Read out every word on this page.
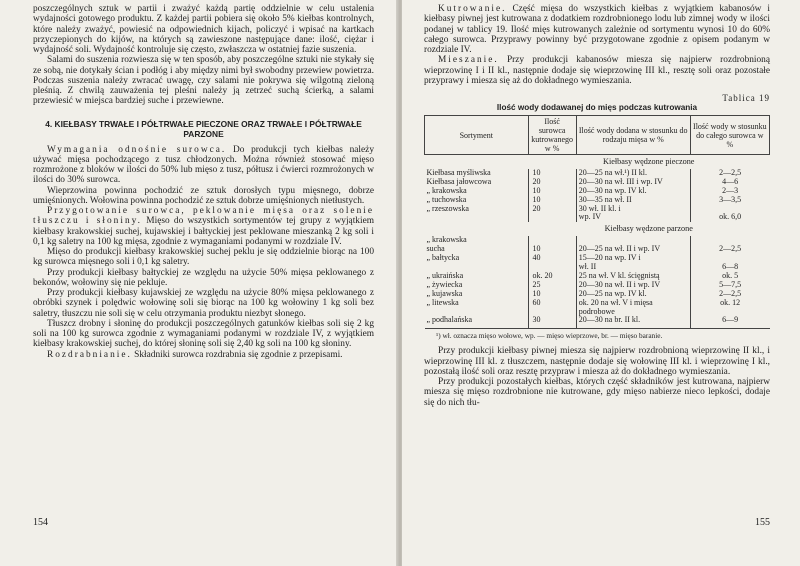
poszczególnych sztuk w partii i zważyć każdą partię oddzielnie w celu ustalenia wydajności gotowego produktu. Z każdej partii pobiera się około 5% kiełbas kontrolnych, które należy zważyć, powiesić na odpowiednich kijach, policzyć i wpisać na kartkach przyczepionych do kijów, na których są zawieszone następujące dane: ilość, ciężar i wydajność soli. Wydajność kontroluje się często, zwłaszcza w ostatniej fazie suszenia.

Salami do suszenia rozwiesza się w ten sposób, aby poszczególne sztuki nie stykały się ze sobą, nie dotykały ścian i podłóg i aby między nimi był swobodny przewiew powietrza. Podczas suszenia należy zwracać uwagę, czy salami nie pokrywa się wilgotną zieloną pleśnią. Z chwilą zauważenia tej pleśni należy ją zetrzeć suchą ścierką, a salami przewiesić w miejsca bardziej suche i przewiewne.

4. KIEŁBASY TRWAŁE I PÓŁTRWAŁE PIECZONE ORAZ TRWAŁE I PÓŁTRWAŁE PARZONE

Wymagania odnośnie surowca. Do produkcji tych kiełbas należy używać mięsa pochodzącego z tusz chłodzonych. Można również stosować mięso rozmrożone z bloków w ilości do 50% lub mięso z tusz, półtusz i ćwierci rozmrożonych w ilości do 30% surowca.

Wieprzowina powinna pochodzić ze sztuk dorosłych typu mięsnego, dobrze umięśnionych. Wołowina powinna pochodzić ze sztuk dobrze umięśnionych nietłustych.

Przygotowanie surowca, peklowanie mięsa oraz solenie tłuszczu i słoniny. Mięso do wszystkich sortymentów tej grupy z wyjątkiem kiełbasy krakowskiej suchej, kujawskiej i bałtyckiej jest peklowane mieszanką 2 kg soli i 0,1 kg saletry na 100 kg mięsa, zgodnie z wymaganiami podanymi w rozdziale IV.

Mięso do produkcji kiełbasy krakowskiej suchej peklu je się oddzielnie biorąc na 100 kg surowca mięsnego soli i 0,1 kg saletry.

Przy produkcji kiełbasy bałtyckiej ze względu na użycie 50% mięsa peklowanego z bekonów, wołowiny się nie pekluje.

Przy produkcji kiełbasy kujawskiej ze względu na użycie 80% mięsa peklowanego z obróbki szynek i polędwic wołowinę soli się biorąc na 100 kg wołowiny 1 kg soli bez saletry, tłuszczu nie soli się w celu otrzymania produktu niezbyt słonego.

Tłuszcz drobny i słoninę do produkcji poszczególnych gatunków kiełbas soli się 2 kg soli na 100 kg surowca zgodnie z wymaganiami podanymi w rozdziale IV, z wyjątkiem kiełbasy krakowskiej suchej, do której słoninę soli się 2,40 kg soli na 100 kg słoniny.

Rozdrabnianie. Składniki surowca rozdrabnia się zgodnie z przepisami.

154

Kutrowanie. Część mięsa do wszystkich kiełbas z wyjątkiem kabanosów i kiełbasy piwnej jest kutrowana z dodatkiem rozdrobnionego lodu lub zimnej wody w ilości podanej w tablicy 19. Ilość mięs kutrowanych zależnie od sortymentu wynosi 10 do 60% całego surowca. Przyprawy powinny być przygotowane zgodnie z opisem podanym w rozdziale IV.

Mieszanie. Przy produkcji kabanosów miesza się najpierw rozdrobnioną wieprzowinę I i II kl., następnie dodaje się wieprzowinę III kl., resztę soli oraz pozostałe przyprawy i miesza się aż do dokładnego wymieszania.

Tablica 19
Ilość wody dodawanej do mięs podczas kutrowania
Sortyment	Ilość surowca kutrowanego w %	Ilość wody dodana w stosunku do rodzaju mięsa w %	Ilość wody w stosunku do całego surowca w %
	Kiełbasy wędzone pieczone		
Kiełbasa myśliwska	10	20—25 na wł.¹) II kl.	2—2,5
Kiełbasa jałowcowa	20	20—30 na wł. III i wp. IV	4—6
„ krakowska	10	20—30 na wp. IV kl.	2—3
„ tuchowska	10	30—35 na wł. II	3—3,5
„ rzeszowska	20	30 wł. II kl. i	
		wp. IV	ok. 6,0
	Kiełbasy wędzone parzone		
„ krakowska			
sucha	10	20—25 na wł. II i wp. IV	2—2,5
„ bałtycka	40	15—20 na wp. IV i	
		wł. II	6—8
„ ukraińska	ok. 20	25 na wł. V kl. ścięgnistą	ok. 5
„ żywiecka	25	20—30 na wł. II i wp. IV	5—7,5
„ kujawska	10	20—25 na wp. IV kl.	2—2,5
„ litewska	60	ok. 20 na wł. V i mięsa podrobowe	ok. 12
„ podhalańska	30	20—30 na br. II kl.	6—9
¹) wł. oznacza mięso wołowe, wp. — mięso wieprzowe, br. — mięso baranie.

Przy produkcji kiełbasy piwnej miesza się najpierw rozdrobnioną wieprzowinę II kl., i wieprzowinę III kl. z tłuszczem, następnie dodaje się wołowinę III kl. i wieprzowinę I kl., pozostałą ilość soli oraz resztę przypraw i miesza aż do dokładnego wymieszania.

Przy produkcji pozostałych kiełbas, których część składników jest kutrowana, najpierw miesza się mięso rozdrobnione nie kutrowane, gdy mięso nabierze nieco lepkości, dodaje się do nich tłu-

155
